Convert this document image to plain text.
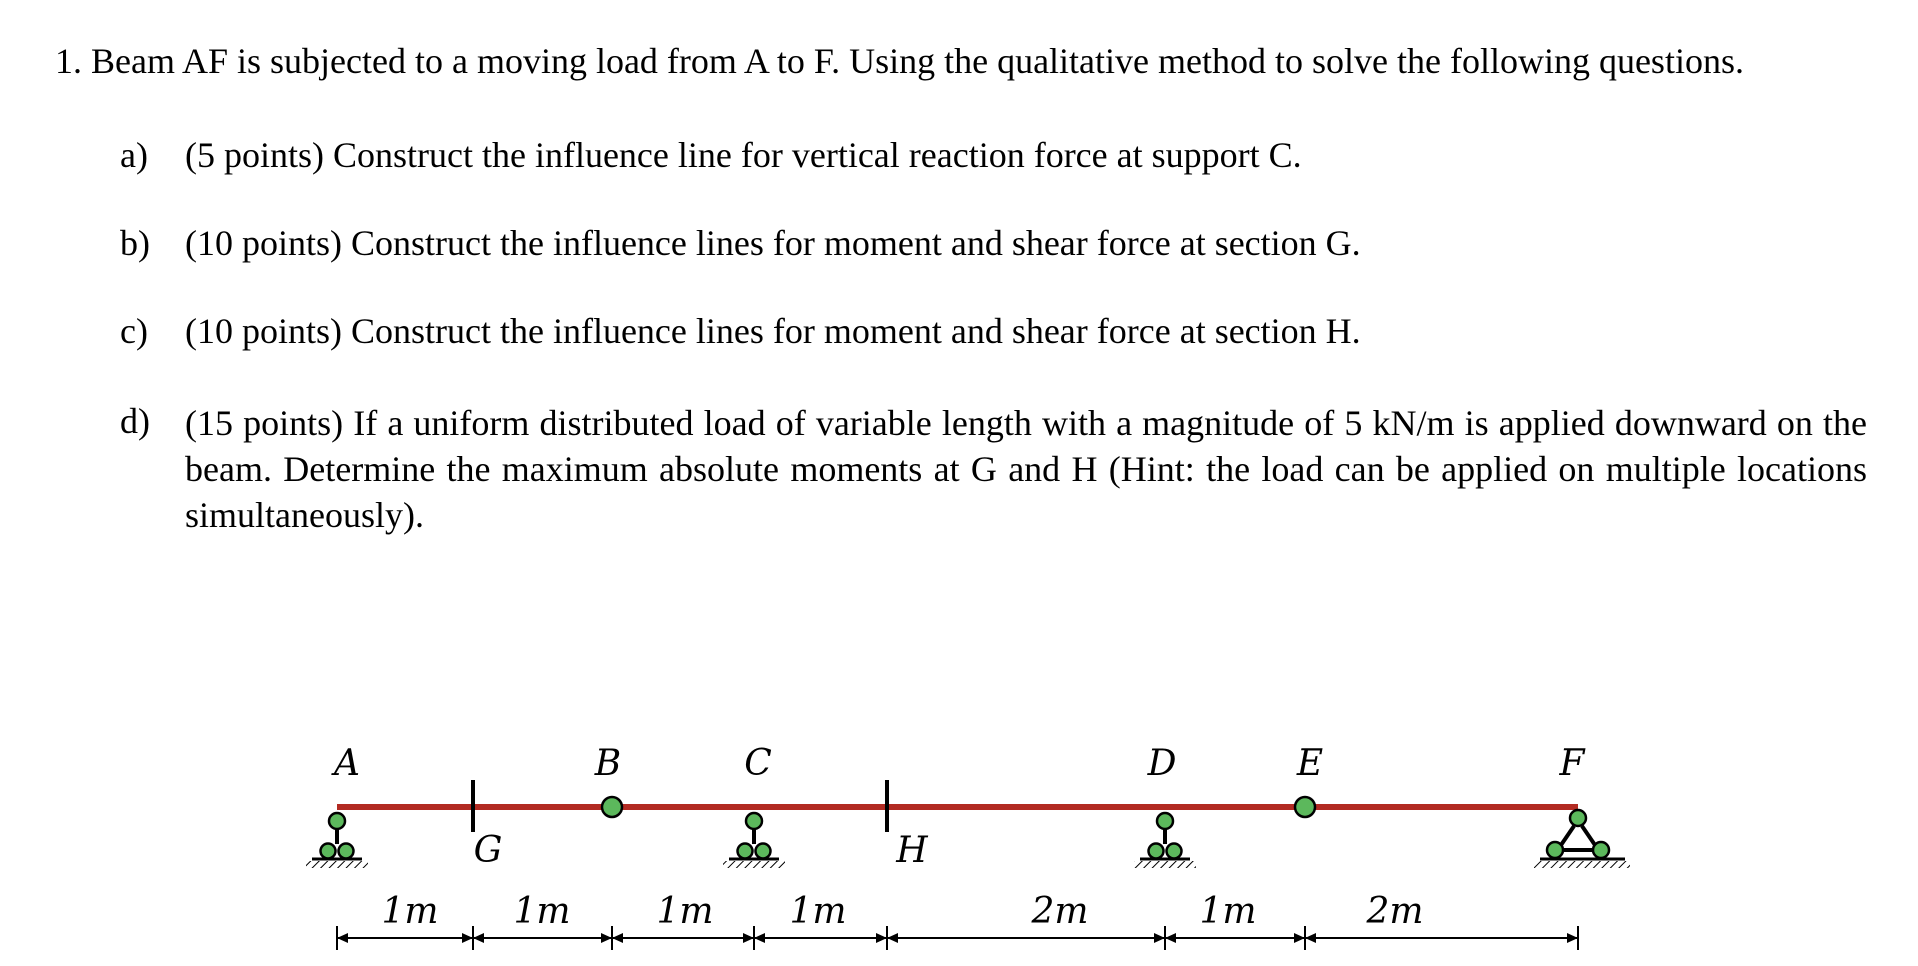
1. Beam AF is subjected to a moving load from A to F. Using the qualitative method to solve the following questions.
a)	(5 points) Construct the influence line for vertical reaction force at support C.
b) (10 points) Construct the influence lines for moment and shear force at section G.
c)	(10 points) Construct the influence lines for moment and shear force at section H.
d) (15 points) If a uniform distributed load of variable length with a magnitude of 5 kN/m is applied downward on the beam. Determine the maximum absolute moments at G and H (Hint: the load can be applied on multiple locations simultaneously).
A	B	C	D	E	F
G	H
1m 1m 1m 1m	2m	1m	2m
